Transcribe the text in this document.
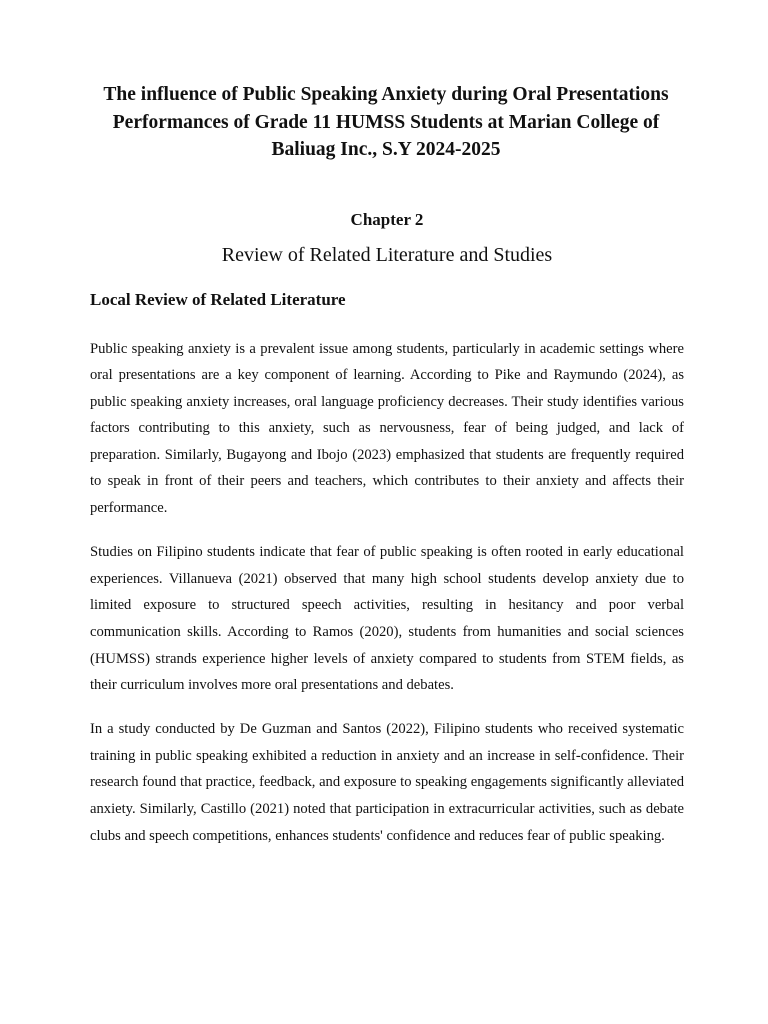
The influence of Public Speaking Anxiety during Oral Presentations Performances of Grade 11 HUMSS Students at Marian College of Baliuag Inc., S.Y 2024-2025
Chapter 2
Review of Related Literature and Studies
Local Review of Related Literature

Public speaking anxiety is a prevalent issue among students, particularly in academic settings where oral presentations are a key component of learning. According to Pike and Raymundo (2024), as public speaking anxiety increases, oral language proficiency decreases. Their study identifies various factors contributing to this anxiety, such as nervousness, fear of being judged, and lack of preparation. Similarly, Bugayong and Ibojo (2023) emphasized that students are frequently required to speak in front of their peers and teachers, which contributes to their anxiety and affects their performance.

Studies on Filipino students indicate that fear of public speaking is often rooted in early educational experiences. Villanueva (2021) observed that many high school students develop anxiety due to limited exposure to structured speech activities, resulting in hesitancy and poor verbal communication skills. According to Ramos (2020), students from humanities and social sciences (HUMSS) strands experience higher levels of anxiety compared to students from STEM fields, as their curriculum involves more oral presentations and debates.

In a study conducted by De Guzman and Santos (2022), Filipino students who received systematic training in public speaking exhibited a reduction in anxiety and an increase in self-confidence. Their research found that practice, feedback, and exposure to speaking engagements significantly alleviated anxiety. Similarly, Castillo (2021) noted that participation in extracurricular activities, such as debate clubs and speech competitions, enhances students' confidence and reduces fear of public speaking.
